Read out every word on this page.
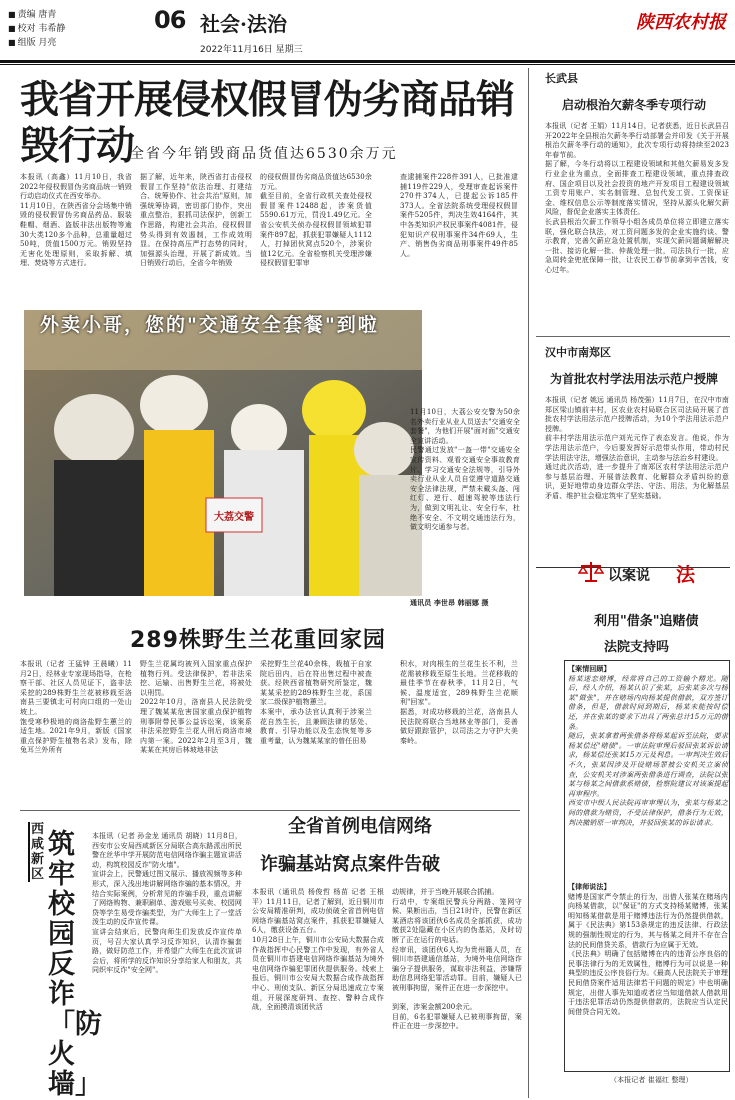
■ 责编 唐青
■ 校对 韦希静
■ 组版 月亮
06 社会·法治
2022年11月16日 星期三
陕西农村报
我省开展侵权假冒伪劣商品销毁行动
全省今年销毁商品货值达6530余万元
本报讯（高鑫）11月10日，我省2022年侵权假冒伪劣商品统一销毁行动启动仪式在西安举办。
11月10日，在陕西省分会场集中销毁的侵权假冒伪劣商品药品、服装鞋帽、烟酒、盗版非法出版物等逾30大类120多个品种，总重量超过50吨，货值1500万元。销毁坚持无害化处理原则，采取拆解、填埋、焚烧等方式进行。
据了解，近年来，陕西省打击侵权假冒工作坚持"依法治理、打建结合、统筹协作、社会共治"原则，加强统筹协调，密切部门协作，突出重点整治，狠抓司法保护，创新工作思路，构建社会共治，侵权假冒势头得到有效遏制，工作成效明显。在保持高压严打态势的同时，加强源头治理，开展了新成效。当日销毁行动后，全省今年销毁
的侵权假冒伪劣商品货值达6530余万元。
截至目前，全省行政机关查处侵权假冒案件12488起，涉案货值5590.61万元，罚没1.49亿元。全省公安机关侦办侵权假冒领域犯罪案件897起，抓获犯罪嫌疑人1112人，打掉团伙窝点520个，涉案价值12亿元。全省检察机关受理涉嫌侵权假冒犯罪审
查逮捕案件228件391人，已批准逮捕119件229人，受理审查起诉案件270件374人，已提起公诉185件373人。全省法院系统受理侵权假冒案件5205件，判决生效4164件，其中各类知识产权民事案件4081件，侵犯知识产权刑事案件34件69人，生产、销售伪劣商品刑事案件49件85人。
大荔交警
外卖小哥，您的"交通安全套餐"到啦
11月10日，大荔公安交警为50余名外卖行业从业人员送去"交通安全套餐"，为他们开展"面对面"交通安全宣讲活动。
民警通过发放"一盔一带"交通安全宣传资料、观看交通安全事故教育片、学习交通安全法规等，引导外卖行业从业人员自觉遵守道路交通安全法律法规，严禁未戴头盔、闯红灯、逆行、超速驾驶等违法行为，做到文明礼让、安全行车，杜绝不安全、不文明交通违法行为，做文明交通参与者。
通讯员 李世昂 韩丽娜 摄
289株野生兰花重回家园
本报讯（记者 王猛钟 王晨曦）11月2日，经林业专家现场指导，在枪察干部、社区人员见证下，盗非法采挖的289株野生兰花被移栽至洛南县三要镇北可村向口组的一处山坡上。
饱受寒秒极地的商洛盐野生蕙兰的适生地。2021年9月，新版《国家重点保护野生植物名录》发布，除兔耳兰外所有
野生兰花属均被列入国家重点保护植物行列。受法律保护，若非法采挖、运输、出售野生兰花，将被处以刑罚。
2022年10月，洛南县人民法院受理了魏某某危害国家重点保护植物刑事附带民事公益诉讼案，该案系非法采挖野生兰花人刑后商洛市境内第一案。2022年2月至3月，魏某某在其房后林坡地非法
采挖野生兰花40余株，栽植于自家院后田内，后在符出售过程中被查获。经陕西省植物研究所鉴定，魏某某采挖的289株野生兰花，系国家二级保护植物蕙兰。
本案中，承办法官认真利于涉案兰花自然生长，且兼顾法律的惩处、教育、引导功能以及生态恢复等多重考量，认为魏某某家的曾任田易
积水，对肉根生的兰花生长不利，兰花需被移栽至原生长地。兰花移栽的最佳季节在春秋季，11月2日，气候、温度适宜，289株野生兰花顺利"回家"。
据悉，对成功移栽的兰花，洛南县人民法院将联合当地林业等部门，妥善做好跟踪管护，以司法之力守护大美秦岭。
西咸新区
筑牢校园反诈「防火墙」
本报讯（记者 孙金龙 通讯员 胡晓）11月8日，西安市公安局西咸新区分局联合高东路派出所民警在丝华中学开展防范电信网络诈骗主题宣讲活动，构筑校园反诈"防火墙"。
宣讲会上，民警通过图文展示、播放视频等多种形式，深入浅出地讲解网络诈骗的基本情况，并结合实际案例，分析常见的诈骗手段，重点讲解了网络购物、兼职刷单、游戏账号买卖、校园网贷等学生易受诈骗类型，为广大师生上了一堂活泼生动的反诈宣传课。
宣讲会结束后，民警向师生们发放反诈宣传单页，号召大家认真学习反诈知识，认清诈骗套路，做好防范工作，并希望广大师生在此次宣讲会后，将所学的反诈知识分享给家人和朋友，共同织牢反诈"安全网"。
全省首例电信网络
诈骗基站窝点案件告破
本报讯（通讯员 杨俊哲 杨苗 记者 王根平）11月11日，记者了解到，近日铜川市公安局精准研判，成功侦破全省首例电信网络诈骗基站窝点案件，抓获犯罪嫌疑人6人，缴获设备五台。
10月28日上午，铜川市公安局大数据合成作战指挥中心民警工作中发现，有外省人员在铜川市搭建电信网络诈骗基站为境外电信网络诈骗犯罪团伙提供服务。线索上报后，铜川市公安局大数据合成作战指挥中心、刑侦支队、新区分局迅速成立专案组，开展深度研判、查控、警种合成作战，全面摸清该团伙活
动规律，并于当晚开展联合抓捕。
行动中，专案组民警兵分两路、笼网守候、果断出击，当日21时许，民警在新区某酒店将该团伙6名成员全部抓获，成功缴获2处隐藏在小区内的伪基站，及时切断了正在运行的电话。
经审讯，该团伙6人均为贵州籍人员，在铜川市搭建通信基站，为境外电信网络诈骗分子提供服务，谋取非法利益，涉嫌帮助信息网络犯罪活动罪。目前，嫌疑人已被刑事拘留，案件正在进一步深挖中。

到案，涉案金额200余元。
目前，6名犯罪嫌疑人已被刑事拘留，案件正在进一步深挖中。
长武县
启动根治欠薪冬季专项行动
本报讯（记者 王娟）11月14日，记者获悉，近日长武县召开2022年全县根治欠薪冬季行动部署会并印发《关于开展根治欠薪冬季行动的通知》，此次专项行动将持续至2023年春节前。
据了解，今冬行动将以工程建设领域和其他欠薪易发多发行业企业为重点，全面排查工程建设领域，重点排查政府、国企项目以及社会投资的地产开发项目工程建设领域工资专用账户、实名制管理、总包代发工资、工资保证金、维权信息公示等制度落实情况，坚持从源头化解欠薪风险，督促企业落实主体责任。
长武县根治欠薪工作领导小组各成员单位将立即建立落实联，强化联合执法，对工资问题多发的企业实施约谈、警示教育，完善欠薪应急处置机制，实现欠薪问题调解解决一批、接访化解一批、仲裁处理一批，司法执行一批，应急周转金兜底保障一批，让农民工春节前拿到辛苦钱，安心过年。
汉中市南郑区
为首批农村学法用法示范户授牌
本报讯（记者 姚远 通讯员 杨茂强）11月7日，在汉中市南郑区梁山镇前丰村，区农业农村局联合区司法局开展了首批农村学法用法示范户授牌活动，为10个学法用法示范户授牌。
前丰村学法用法示范户刘光元作了表态发言。他说，作为学法用法示范户，今后要发挥好示范带头作用，带动村民学法用法守法，增强法治意识，主动参与法治乡村建设。
通过此次活动，进一步提升了南郑区农村学法用法示范户参与基层治理、开展普法教育、化解群众矛盾纠纷的意识，更好地带动身边群众学法、守法、用法，为化解基层矛盾、维护社会稳定筑牢了坚实基础。
以案说 法
利用"借条"追赌债
法院支持吗
【案情回顾】
杨某迷恋赌博，经常将自己的工资输个精光。随后，经人介绍，杨某认识了张某，后张某多次与杨某"做张"，并在赌场内向杨某提供借款，双方签订借条，但是，借款时间到期后，杨某未能按时偿还，并在张某的要求下出具了两张总计15万元的借条。
随后，张某拿着两张借条将杨某起诉至法院，要求杨某偿还"赌债"。一审法院审理后驳回张某诉讼请求，杨某偿还张某15万元及利息。一审判决生效后不久，张某因涉及开设赌场罪被公安机关立案侦查，公安机关对涉案两张借条进行调查，法院以张某与杨某之间借款系赌债，检察院建议对该案提起再审程序。
西安市中级人民法院再审审理认为，张某与杨某之间的借款为赌资，不受法律保护，借条行为无效，判决撤销原一审判决，并驳回张某的诉讼请求。
【律师说法】
赌博是国家严令禁止的行为，出借人张某在赌场内向杨某借款，以"保证"的方式支持杨某赌博，张某明知杨某借款是用于赌博违法行为仍然提供借款，属于《民法典》第153条规定的违反法律、行政法规的强制性规定的行为，其与杨某之间并不存在合法的民间借贷关系，借款行为应属于无效。
《民法典》明确了包括赌博在内的违背公序良俗的民事法律行为的无效属性，赌博行为可以说是一种典型的违反公序良俗行为。《最高人民法院关于审理民间借贷案件适用法律若干问题的规定》中也明确规定，出借人事先知道或者应当知道借款人借款用于违法犯罪活动仍然提供借款的，法院应当认定民间借贷合同无效。
（本报记者 崔福红 整理）
